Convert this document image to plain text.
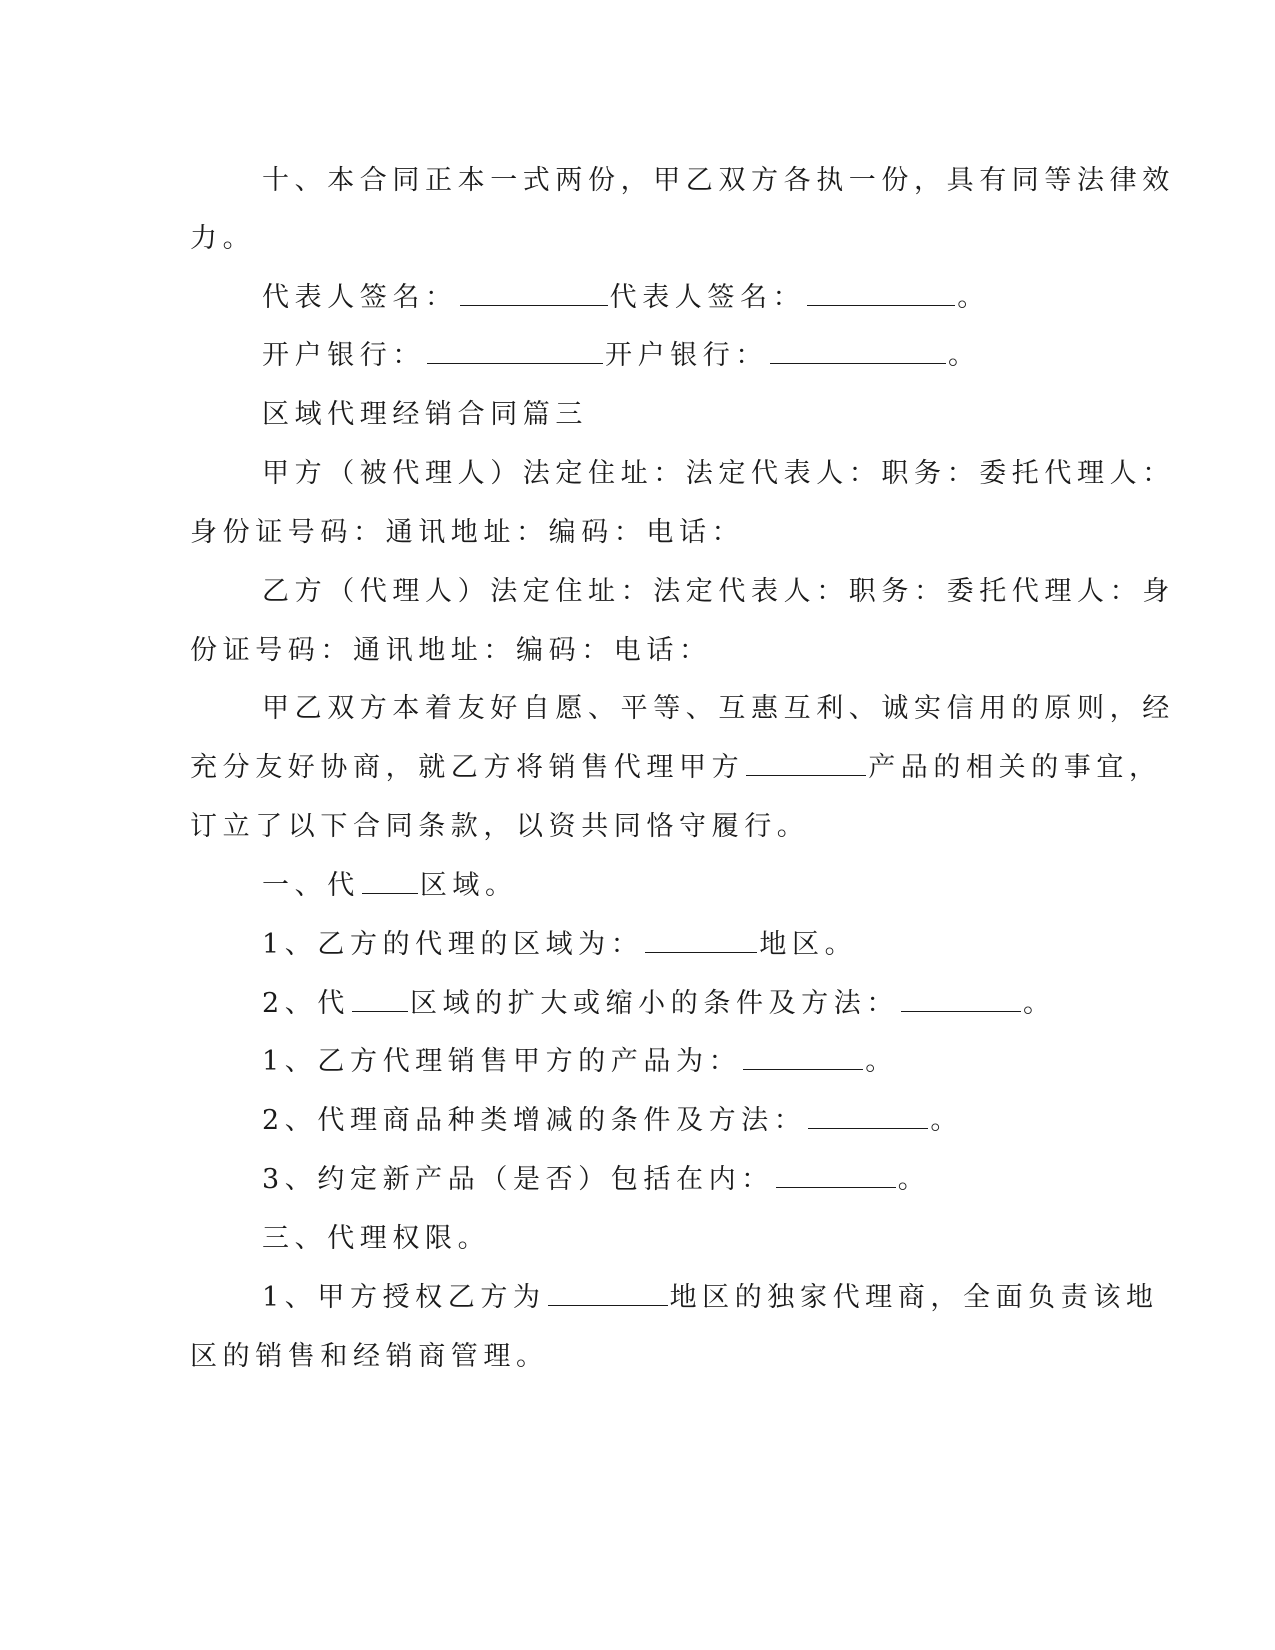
十、本合同正本一式两份，甲乙双方各执一份，具有同等法律效
力。
代表人签名：	代表人签名：	。
开户银行：	开户银行：	。
区域代理经销合同篇三
甲方（被代理人）法定住址：法定代表人：职务：委托代理人：
身份证号码：通讯地址：编码：电话：
乙方（代理人）法定住址：法定代表人：职务：委托代理人：身
份证号码：通讯地址：编码：电话：
甲乙双方本着友好自愿、平等、互惠互利、诚实信用的原则，经
充分友好协商，就乙方将销售代理甲方	产品的相关的事宜，
订立了以下合同条款，以资共同恪守履行。
一、代 区域。
1、乙方的代理的区域为：	地区。
2、代 区域的扩大或缩小的条件及方法：	。
1、乙方代理销售甲方的产品为：	。
2、代理商品种类增减的条件及方法：	。
3、约定新产品（是否）包括在内：	。
三、代理权限。
1、甲方授权乙方为	地区的独家代理商，全面负责该地
区的销售和经销商管理。
